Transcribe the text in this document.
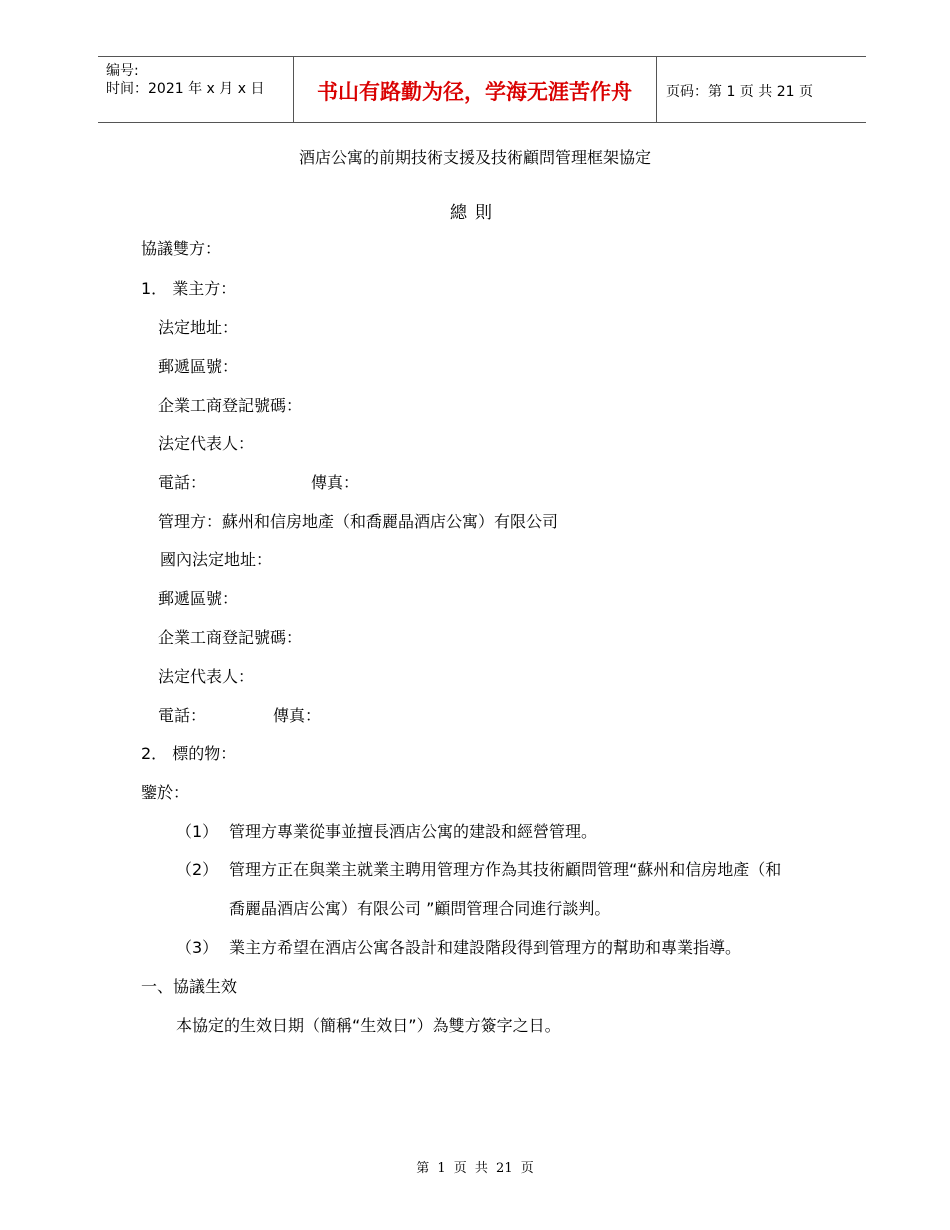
编号:
时间：2021 年 x 月 x 日	书山有路勤为径，学海无涯苦作舟	页码：第 1 页 共 21 页
酒店公寓的前期技術支援及技術顧問管理框架協定
總則
協議雙方：
1． 業主方：
法定地址：
郵遞區號：
企業工商登記號碼：
法定代表人：
電話：	傳真：
管理方：蘇州和信房地產（和喬麗晶酒店公寓）有限公司
國內法定地址：
郵遞區號：
企業工商登記號碼：
法定代表人：
電話：	傳真：
2． 標的物：
鑒於：
（1） 管理方專業從事並擅長酒店公寓的建設和經營管理。
（2） 管理方正在與業主就業主聘用管理方作為其技術顧問管理“蘇州和信房地產（和
喬麗晶酒店公寓）有限公司 ”顧問管理合同進行談判。
（3） 業主方希望在酒店公寓各設計和建設階段得到管理方的幫助和專業指導。
一、協議生效
本協定的生效日期（簡稱“生效日”）為雙方簽字之日。
第 1 页 共 21 页
